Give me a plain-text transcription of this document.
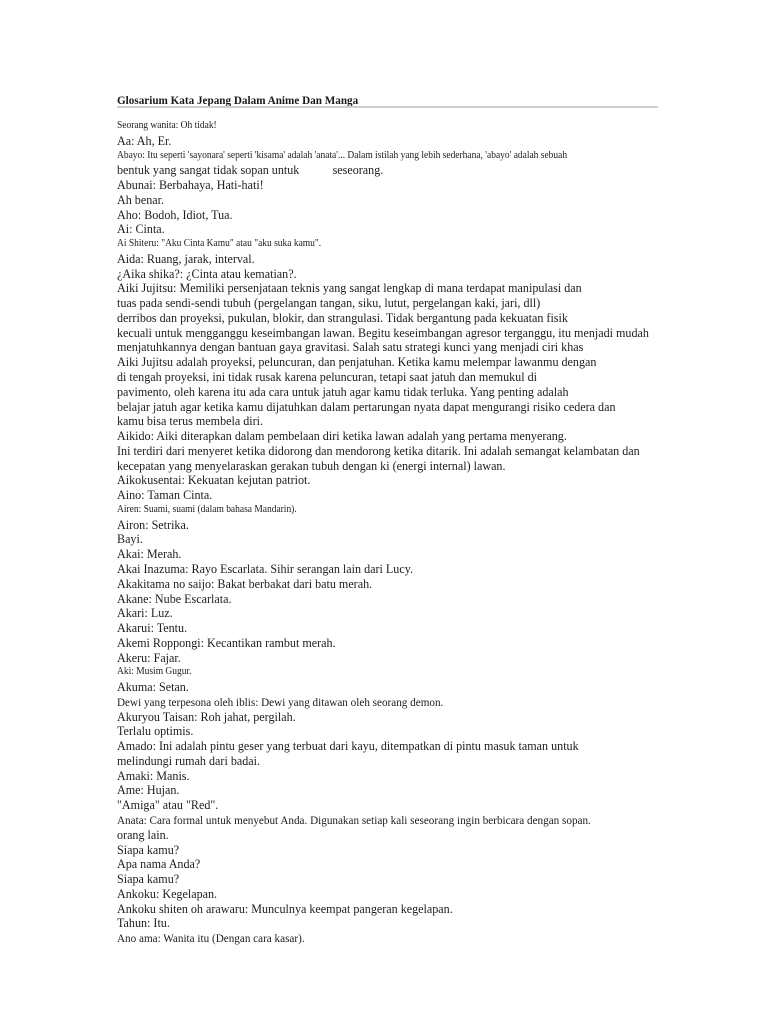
Glosarium Kata Jepang Dalam Anime Dan Manga
Seorang wanita: Oh tidak!
Aa: Ah, Er.
Abayo: Itu seperti 'sayonara' seperti 'kisama' adalah 'anata'... Dalam istilah yang lebih sederhana, 'abayo' adalah sebuah
bentuk yang sangat tidak sopan untuk           seseorang.
Abunai: Berbahaya, Hati-hati!
Ah benar.
Aho: Bodoh, Idiot, Tua.
Ai: Cinta.
Ai Shiteru: "Aku Cinta Kamu" atau "aku suka kamu".
Aida: Ruang, jarak, interval.
¿Aika shika?: ¿Cinta atau kematian?.
Aiki Jujitsu: Memiliki persenjataan teknis yang sangat lengkap di mana terdapat manipulasi dan
tuas pada sendi-sendi tubuh (pergelangan tangan, siku, lutut, pergelangan kaki, jari, dll)
derribos dan proyeksi, pukulan, blokir, dan strangulasi. Tidak bergantung pada kekuatan fisik
kecuali untuk mengganggu keseimbangan lawan. Begitu keseimbangan agresor terganggu, itu menjadi mudah
menjatuhkannya dengan bantuan gaya gravitasi. Salah satu strategi kunci yang menjadi ciri khas
Aiki Jujitsu adalah proyeksi, peluncuran, dan penjatuhan. Ketika kamu melempar lawanmu dengan
di tengah proyeksi, ini tidak rusak karena peluncuran, tetapi saat jatuh dan memukul di
pavimento, oleh karena itu ada cara untuk jatuh agar kamu tidak terluka. Yang penting adalah
belajar jatuh agar ketika kamu dijatuhkan dalam pertarungan nyata dapat mengurangi risiko cedera dan
kamu bisa terus membela diri.
Aikido: Aiki diterapkan dalam pembelaan diri ketika lawan adalah yang pertama menyerang.
Ini terdiri dari menyeret ketika didorong dan mendorong ketika ditarik. Ini adalah semangat kelambatan dan
kecepatan yang menyelaraskan gerakan tubuh dengan ki (energi internal) lawan.
Aikokusentai: Kekuatan kejutan patriot.
Aino: Taman Cinta.
Airen: Suami, suami (dalam bahasa Mandarin).
Airon: Setrika.
Bayi.
Akai: Merah.
Akai Inazuma: Rayo Escarlata. Sihir serangan lain dari Lucy.
Akakitama no saijo: Bakat berbakat dari batu merah.
Akane: Nube Escarlata.
Akari: Luz.
Akarui: Tentu.
Akemi Roppongi: Kecantikan rambut merah.
Akeru: Fajar.
Aki: Musim Gugur.
Akuma: Setan.
Dewi yang terpesona oleh iblis: Dewi yang ditawan oleh seorang demon.
Akuryou Taisan: Roh jahat, pergilah.
Terlalu optimis.
Amado: Ini adalah pintu geser yang terbuat dari kayu, ditempatkan di pintu masuk taman untuk
melindungi rumah dari badai.
Amaki: Manis.
Ame: Hujan.
"Amiga" atau "Red".
Anata: Cara formal untuk menyebut Anda. Digunakan setiap kali seseorang ingin berbicara dengan sopan.
orang lain.
Siapa kamu?
Apa nama Anda?
Siapa kamu?
Ankoku: Kegelapan.
Ankoku shiten oh arawaru: Munculnya keempat pangeran kegelapan.
Tahun: Itu.
Ano ama: Wanita itu (Dengan cara kasar).
